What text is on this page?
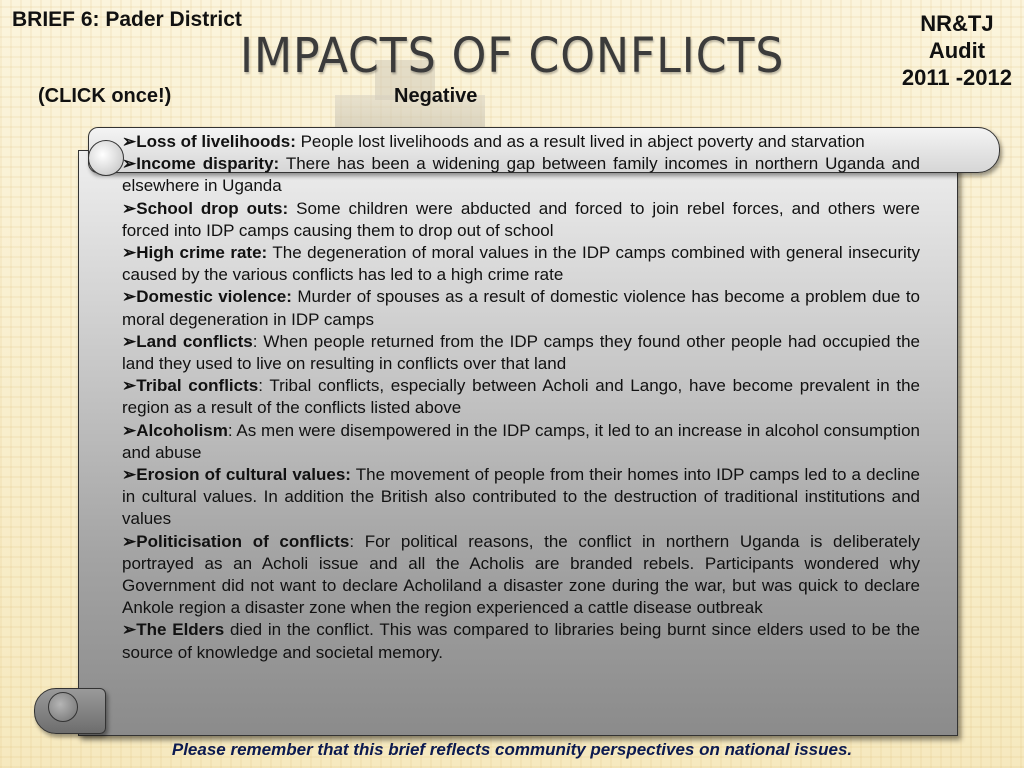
BRIEF 6: Pader District
IMPACTS OF CONFLICTS
NR&TJ
Audit
2011 -2012
(CLICK once!)	Negative
➢Loss of livelihoods: People lost livelihoods and as a result lived in abject poverty and starvation
➢Income disparity: There has been a widening gap between family incomes in northern Uganda and elsewhere in Uganda
➢School drop outs: Some children were abducted and forced to join rebel forces, and others were forced into IDP camps causing them to drop out of school
➢High crime rate: The degeneration of moral values in the IDP camps combined with general insecurity caused by the various conflicts has led to a high crime rate
➢Domestic violence: Murder of spouses as a result of domestic violence has become a problem due to moral degeneration in IDP camps
➢Land conflicts: When people returned from the IDP camps they found other people had occupied the land they used to live on resulting in conflicts over that land
➢Tribal conflicts: Tribal conflicts, especially between Acholi and Lango, have become prevalent in the region as a result of the conflicts listed above
➢Alcoholism: As men were disempowered in the IDP camps, it led to an increase in alcohol consumption and abuse
➢Erosion of cultural values: The movement of people from their homes into IDP camps led to a decline in cultural values. In addition the British also contributed to the destruction of traditional institutions and values
➢Politicisation of conflicts: For political reasons, the conflict in northern Uganda is deliberately portrayed as an Acholi issue and all the Acholis are branded rebels. Participants wondered why Government did not want to declare Acholiland a disaster zone during the war, but was quick to declare Ankole region a disaster zone when the region experienced a cattle disease outbreak
➢The Elders died in the conflict. This was compared to libraries being burnt since elders used to be the source of knowledge and societal memory.
Please remember that this brief reflects community perspectives on national issues.
